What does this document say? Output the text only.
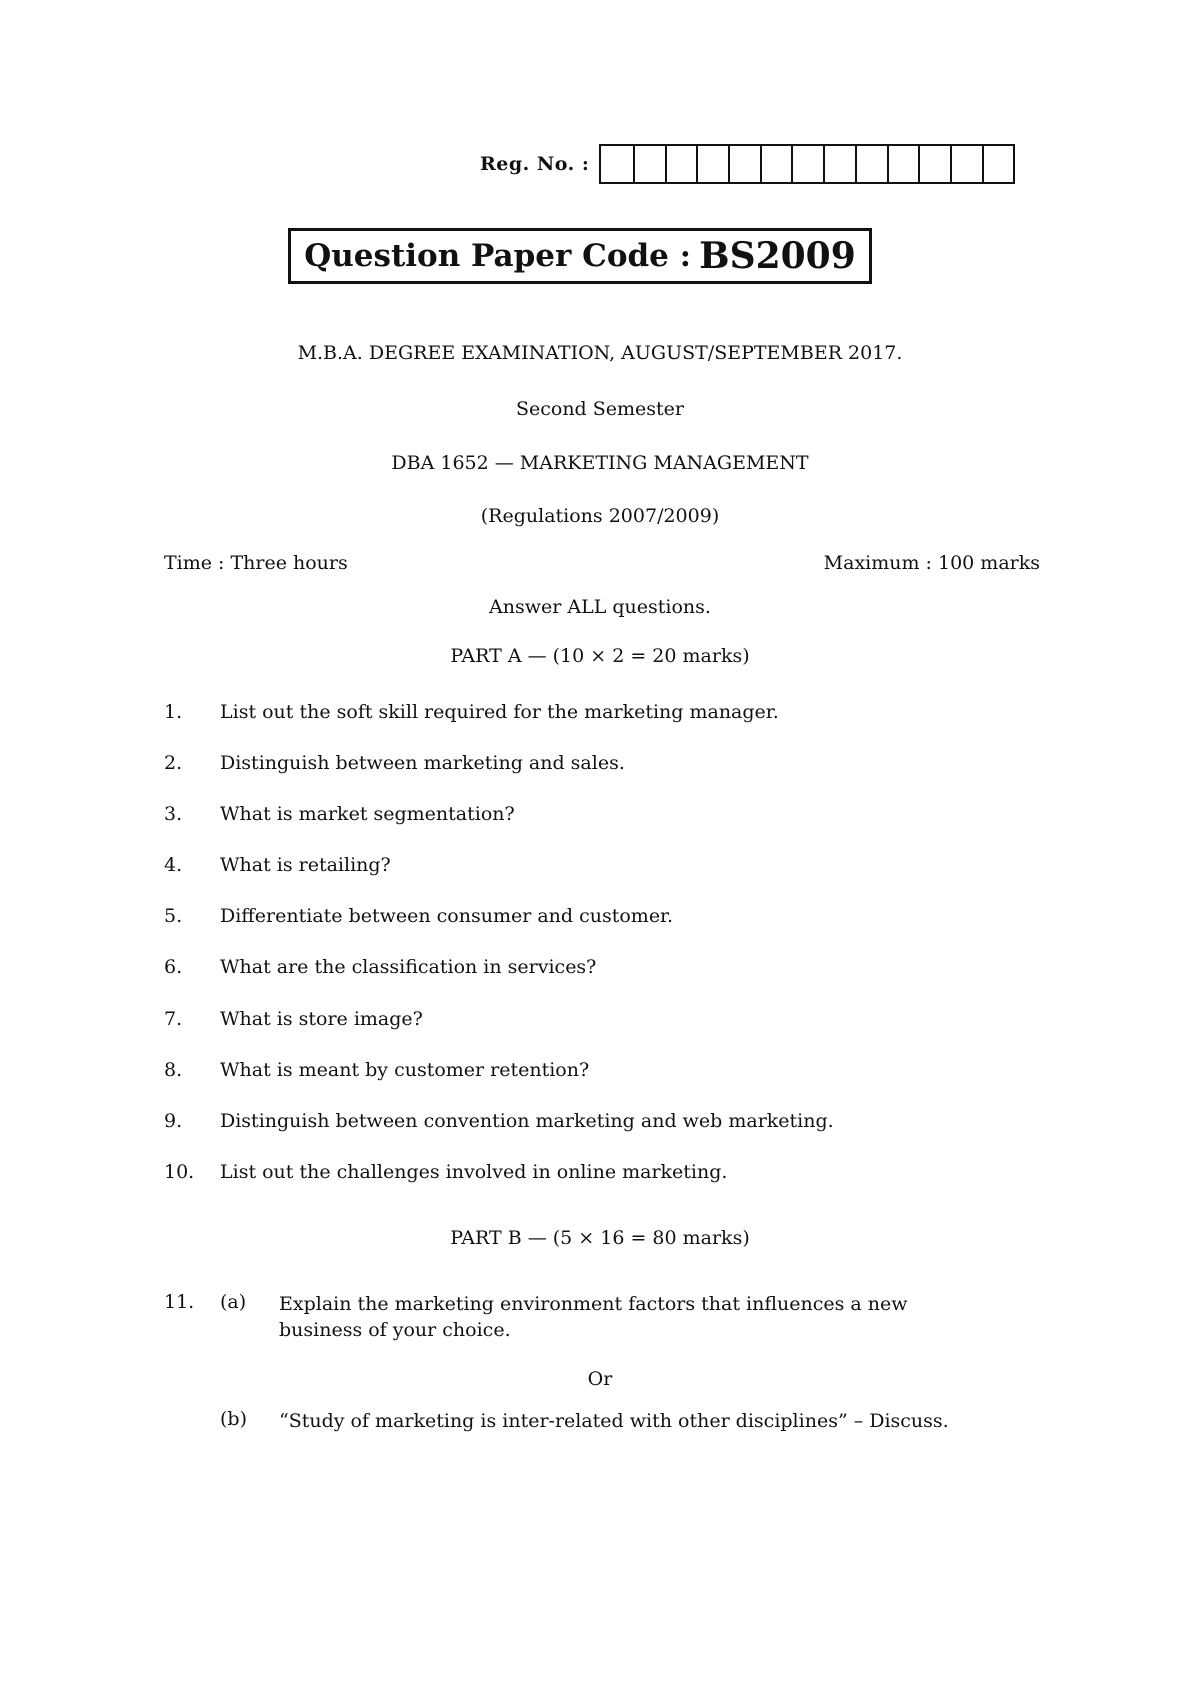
Reg. No. :
Question Paper Code : BS2009
M.B.A. DEGREE EXAMINATION, AUGUST/SEPTEMBER 2017.
Second Semester
DBA 1652 — MARKETING MANAGEMENT
(Regulations 2007/2009)
Time : Three hours	Maximum : 100 marks
Answer ALL questions.
PART A — (10 × 2 = 20 marks)
1. List out the soft skill required for the marketing manager.
2. Distinguish between marketing and sales.
3. What is market segmentation?
4. What is retailing?
5. Differentiate between consumer and customer.
6. What are the classification in services?
7. What is store image?
8. What is meant by customer retention?
9. Distinguish between convention marketing and web marketing.
10. List out the challenges involved in online marketing.
PART B — (5 × 16 = 80 marks)
11. (a) Explain the marketing environment factors that influences a new
business of your choice.
Or
(b) “Study of marketing is inter-related with other disciplines” – Discuss.
